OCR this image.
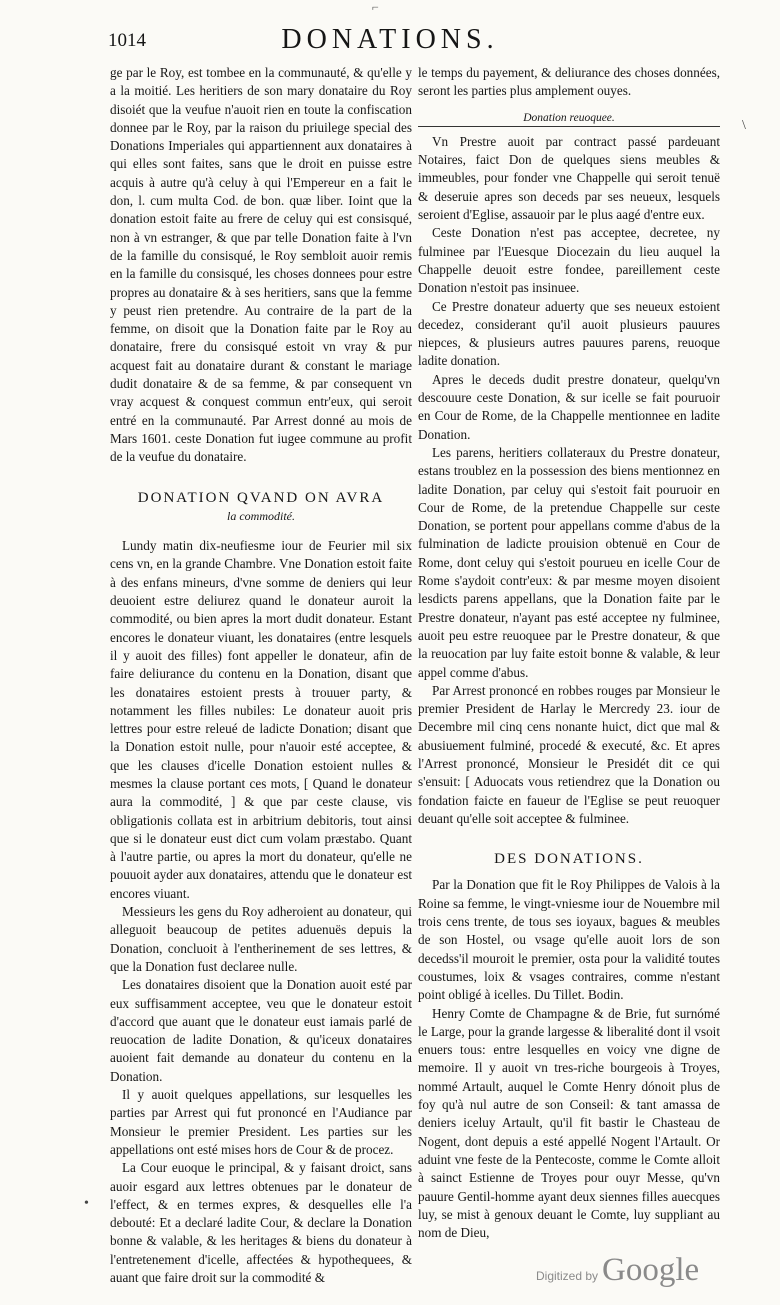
1014	DONATIONS.

ge par le Roy, est tombee en la communauté, & qu'elle y a la moitié. Les heritiers de son mary donataire du Roy disoiét que la veufue n'auoit rien en toute la confiscation donnee par le Roy, par la raison du priuilege special des Donations Imperiales qui appartiennent aux donataires à qui elles sont faites, sans que le droit en puisse estre acquis à autre qu'à celuy à qui l'Empereur en a fait le don, l. cum multa Cod. de bon. quæ liber. Ioint que la donation estoit faite au frere de celuy qui est consisqué, non à vn estranger, & que par telle Donation faite à l'vn de la famille du consisqué, le Roy sembloit auoir remis en la famille du consisqué, les choses donnees pour estre propres au donataire & à ses heritiers, sans que la femme y peust rien pretendre. Au contraire de la part de la femme, on disoit que la Donation faite par le Roy au donataire, frere du consisqué estoit vn vray & pur acquest fait au donataire durant & constant le mariage dudit donataire & de sa femme, & par consequent vn vray acquest & conquest commun entr'eux, qui seroit entré en la communauté. Par Arrest donné au mois de Mars 1601. ceste Donation fut iugee commune au profit de la veufue du donataire.

DONATION QVAND ON AVRA

la commodité.

Lundy matin dix-neufiesme iour de Feurier mil six cens vn, en la grande Chambre. Vne Donation estoit faite à des enfans mineurs, d'vne somme de deniers qui leur deuoient estre deliurez quand le donateur auroit la commodité, ou bien apres la mort dudit donateur. Estant encores le donateur viuant, les donataires (entre lesquels il y auoit des filles) font appeller le donateur, afin de faire deliurance du contenu en la Donation, disant que les donataires estoient prests à trouuer party, & notamment les filles nubiles: Le donateur auoit pris lettres pour estre releué de ladicte Donation; disant que la Donation estoit nulle, pour n'auoir esté acceptee, & que les clauses d'icelle Donation estoient nulles & mesmes la clause portant ces mots, [ Quand le donateur aura la commodité, ] & que par ceste clause, vis obligationis collata est in arbitrium debitoris, tout ainsi que si le donateur eust dict cum volam præstabo. Quant à l'autre partie, ou apres la mort du donateur, qu'elle ne pouuoit ayder aux donataires, attendu que le donateur est encores viuant.

Messieurs les gens du Roy adheroient au donateur, qui alleguoit beaucoup de petites aduenuës depuis la Donation, concluoit à l'entherinement de ses lettres, & que la Donation fust declaree nulle.

Les donataires disoient que la Donation auoit esté par eux suffisamment acceptee, veu que le donateur estoit d'accord que auant que le donateur eust iamais parlé de reuocation de ladite Donation, & qu'iceux donataires auoient fait demande au donateur du contenu en la Donation.

Il y auoit quelques appellations, sur lesquelles les parties par Arrest qui fut prononcé en l'Audiance par Monsieur le premier President. Les parties sur les appellations ont esté mises hors de Cour & de procez.

La Cour euoque le principal, & y faisant droict, sans auoir esgard aux lettres obtenues par le donateur de l'effect, & en termes expres, & desquelles elle l'a debouté: Et a declaré ladite Cour, & declare la Donation bonne & valable, & les heritages & biens du donateur à l'entretenement d'icelle, affectées & hypothequees, & auant que faire droit sur la commodité &

le temps du payement, & deliurance des choses données, seront les parties plus amplement ouyes.

Donation reuoquee.

Vn Prestre auoit par contract passé pardeuant Notaires, faict Don de quelques siens meubles & immeubles, pour fonder vne Chappelle qui seroit tenuë & deseruie apres son deceds par ses neueux, lesquels seroient d'Eglise, assauoir par le plus aagé d'entre eux.

Ceste Donation n'est pas acceptee, decretee, ny fulminee par l'Euesque Diocezain du lieu auquel la Chappelle deuoit estre fondee, pareillement ceste Donation n'estoit pas insinuee.

Ce Prestre donateur aduerty que ses neueux estoient decedez, considerant qu'il auoit plusieurs pauures niepces, & plusieurs autres pauures parens, reuoque ladite donation.

Apres le deceds dudit prestre donateur, quelqu'vn descouure ceste Donation, & sur icelle se fait pouruoir en Cour de Rome, de la Chappelle mentionnee en ladite Donation.

Les parens, heritiers collateraux du Prestre donateur, estans troublez en la possession des biens mentionnez en ladite Donation, par celuy qui s'estoit fait pouruoir en Cour de Rome, de la pretendue Chappelle sur ceste Donation, se portent pour appellans comme d'abus de la fulmination de ladicte prouision obtenuë en Cour de Rome, dont celuy qui s'estoit pourueu en icelle Cour de Rome s'aydoit contr'eux: & par mesme moyen disoient lesdicts parens appellans, que la Donation faite par le Prestre donateur, n'ayant pas esté acceptee ny fulminee, auoit peu estre reuoquee par le Prestre donateur, & que la reuocation par luy faite estoit bonne & valable, & leur appel comme d'abus.

Par Arrest prononcé en robbes rouges par Monsieur le premier President de Harlay le Mercredy 23. iour de Decembre mil cinq cens nonante huict, dict que mal & abusiuement fulminé, procedé & executé, &c. Et apres l'Arrest prononcé, Monsieur le Presidét dit ce qui s'ensuit: [ Aduocats vous retiendrez que la Donation ou fondation faicte en faueur de l'Eglise se peut reuoquer deuant qu'elle soit acceptee & fulminee.

DES DONATIONS.

Par la Donation que fit le Roy Philippes de Valois à la Roine sa femme, le vingt-vniesme iour de Nouembre mil trois cens trente, de tous ses ioyaux, bagues & meubles de son Hostel, ou vsage qu'elle auoit lors de son decedss'il mouroit le premier, osta pour la validité toutes coustumes, loix & vsages contraires, comme n'estant point obligé à icelles. Du Tillet. Bodin.

Henry Comte de Champagne & de Brie, fut surnómé le Large, pour la grande largesse & liberalité dont il vsoit enuers tous: entre lesquelles en voicy vne digne de memoire. Il y auoit vn tres-riche bourgeois à Troyes, nommé Artault, auquel le Comte Henry dónoit plus de foy qu'à nul autre de son Conseil: & tant amassa de deniers iceluy Artault, qu'il fit bastir le Chasteau de Nogent, dont depuis a esté appellé Nogent l'Artault. Or aduint vne feste de la Pentecoste, comme le Comte alloit à sainct Estienne de Troyes pour ouyr Messe, qu'vn pauure Gentil-homme ayant deux siennes filles auecques luy, se mist à genoux deuant le Comte, luy suppliant au nom de Dieu,

⌐
\
•
Digitized by Google
